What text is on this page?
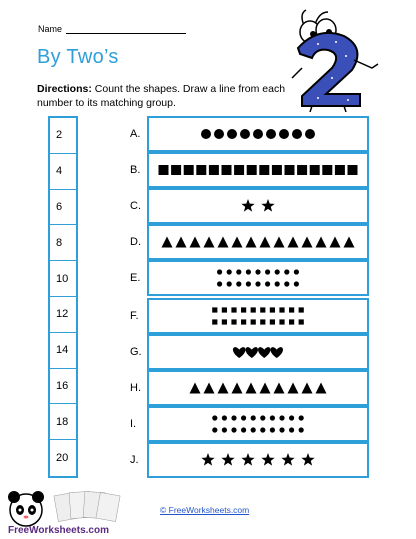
Name
By Two’s
Directions: Count the shapes. Draw a line from each number to its matching group.
2
4
6
8
10
12
14
16
18
20
A.
B.
C.
D.
E.
F.
G.
H.
I.
J.
FreeWorksheets.com
© FreeWorksheets.com
